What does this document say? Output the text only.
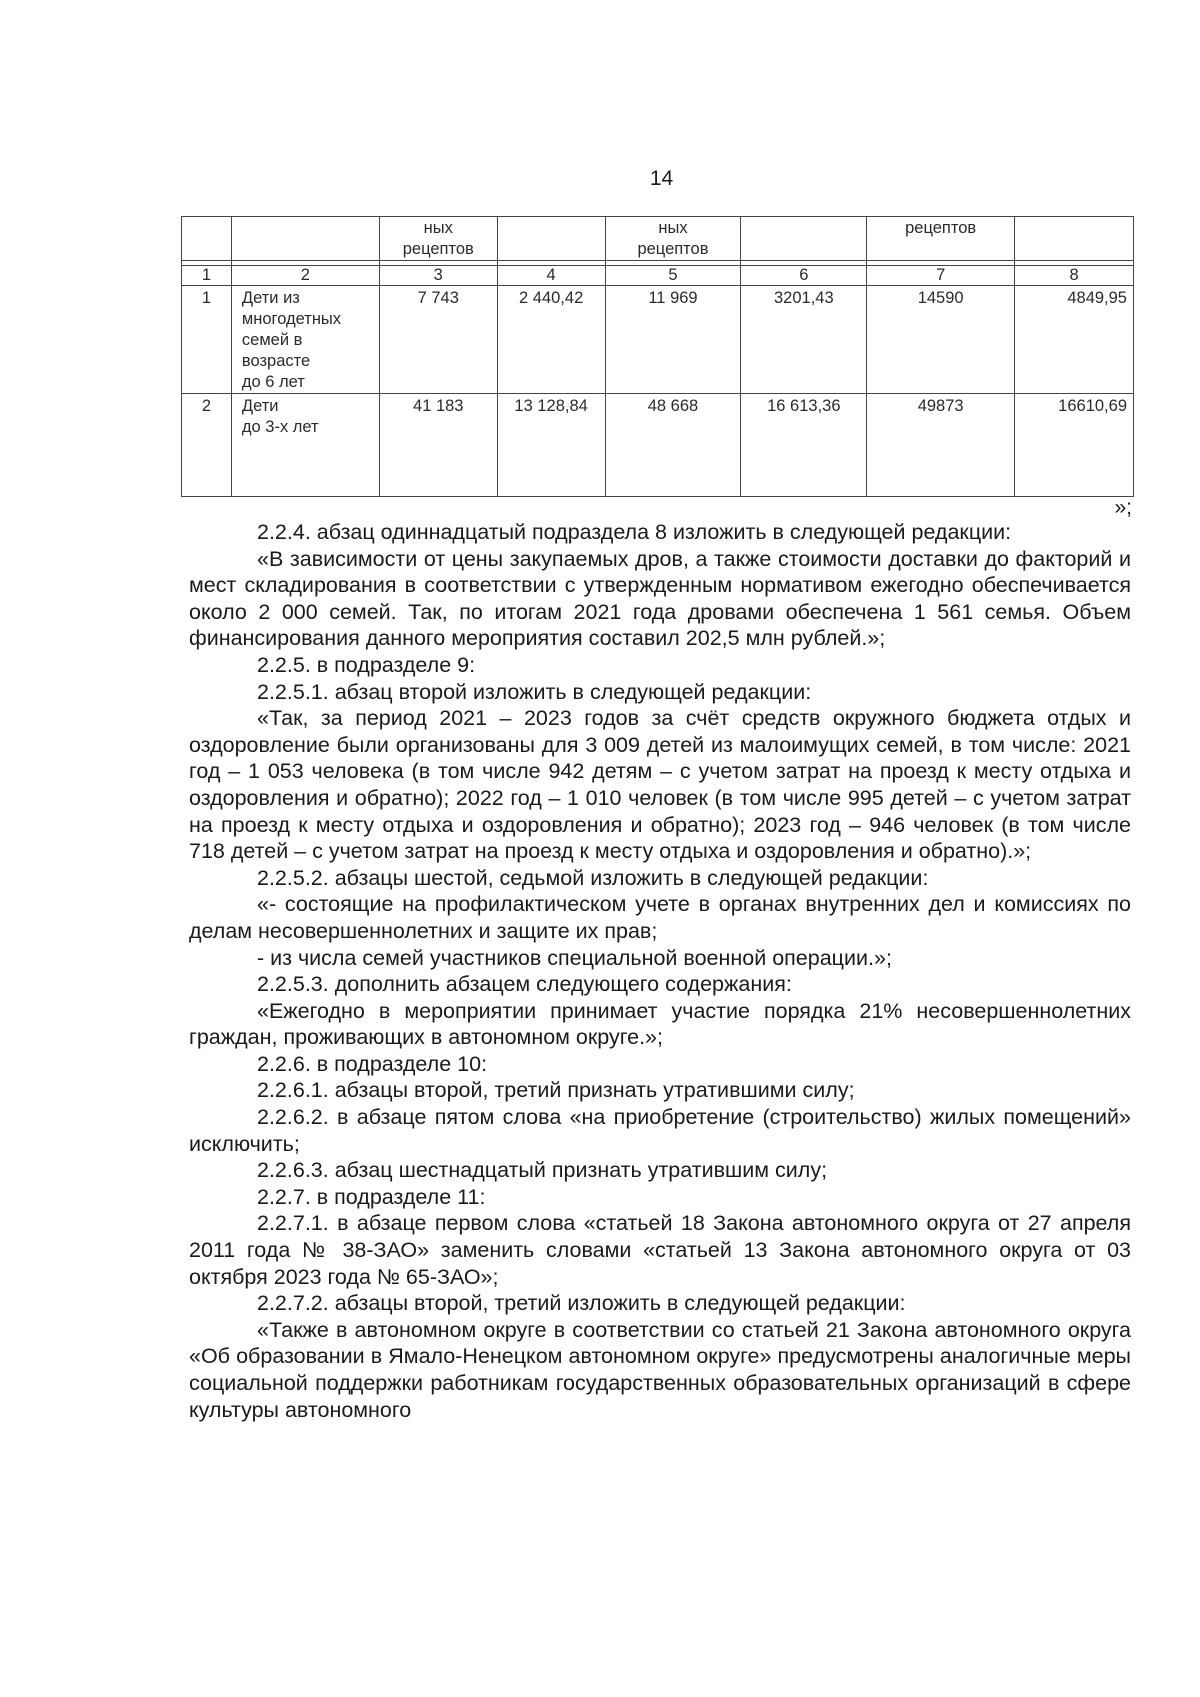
14
		ных
рецептов		ных
рецептов		рецептов	

1	2	3	4	5	6	7	8
1	Дети из
многодетных
семей в
возрасте
до 6 лет	7 743	2 440,42	11 969	3201,43	14590	4849,95
2	Дети
до 3-х лет	41 183	13 128,84	48 668	16 613,36	49873	16610,69
»;

2.2.4. абзац одиннадцатый подраздела 8 изложить в следующей редакции:

«В зависимости от цены закупаемых дров, а также стоимости доставки до факторий и мест складирования в соответствии с утвержденным нормативом ежегодно обеспечивается около 2 000 семей. Так, по итогам 2021 года дровами обеспечена 1 561 семья. Объем финансирования данного мероприятия составил 202,5 млн рублей.»;

2.2.5. в подразделе 9:

2.2.5.1. абзац второй изложить в следующей редакции:

«Так, за период 2021 – 2023 годов за счёт средств окружного бюджета отдых и оздоровление были организованы для 3 009 детей из малоимущих семей, в том числе: 2021 год – 1 053 человека (в том числе 942 детям – с учетом затрат на проезд к месту отдыха и оздоровления и обратно); 2022 год – 1 010 человек (в том числе 995 детей – с учетом затрат на проезд к месту отдыха и оздоровления и обратно); 2023 год – 946 человек (в том числе 718 детей – с учетом затрат на проезд к месту отдыха и оздоровления и обратно).»;

2.2.5.2. абзацы шестой, седьмой изложить в следующей редакции:

«- состоящие на профилактическом учете в органах внутренних дел и комиссиях по делам несовершеннолетних и защите их прав;

- из числа семей участников специальной военной операции.»;

2.2.5.3. дополнить абзацем следующего содержания:

«Ежегодно в мероприятии принимает участие порядка 21% несовершеннолетних граждан, проживающих в автономном округе.»;

2.2.6. в подразделе 10:

2.2.6.1. абзацы второй, третий признать утратившими силу;

2.2.6.2. в абзаце пятом слова «на приобретение (строительство) жилых помещений» исключить;

2.2.6.3. абзац шестнадцатый признать утратившим силу;

2.2.7. в подразделе 11:

2.2.7.1. в абзаце первом слова «статьей 18 Закона автономного округа от 27 апреля 2011 года № 38-ЗАО» заменить словами «статьей 13 Закона автономного округа от 03 октября 2023 года № 65-ЗАО»;

2.2.7.2. абзацы второй, третий изложить в следующей редакции:

«Также в автономном округе в соответствии со статьей 21 Закона автономного округа «Об образовании в Ямало-Ненецком автономном округе» предусмотрены аналогичные меры социальной поддержки работникам государственных образовательных организаций в сфере культуры автономного
